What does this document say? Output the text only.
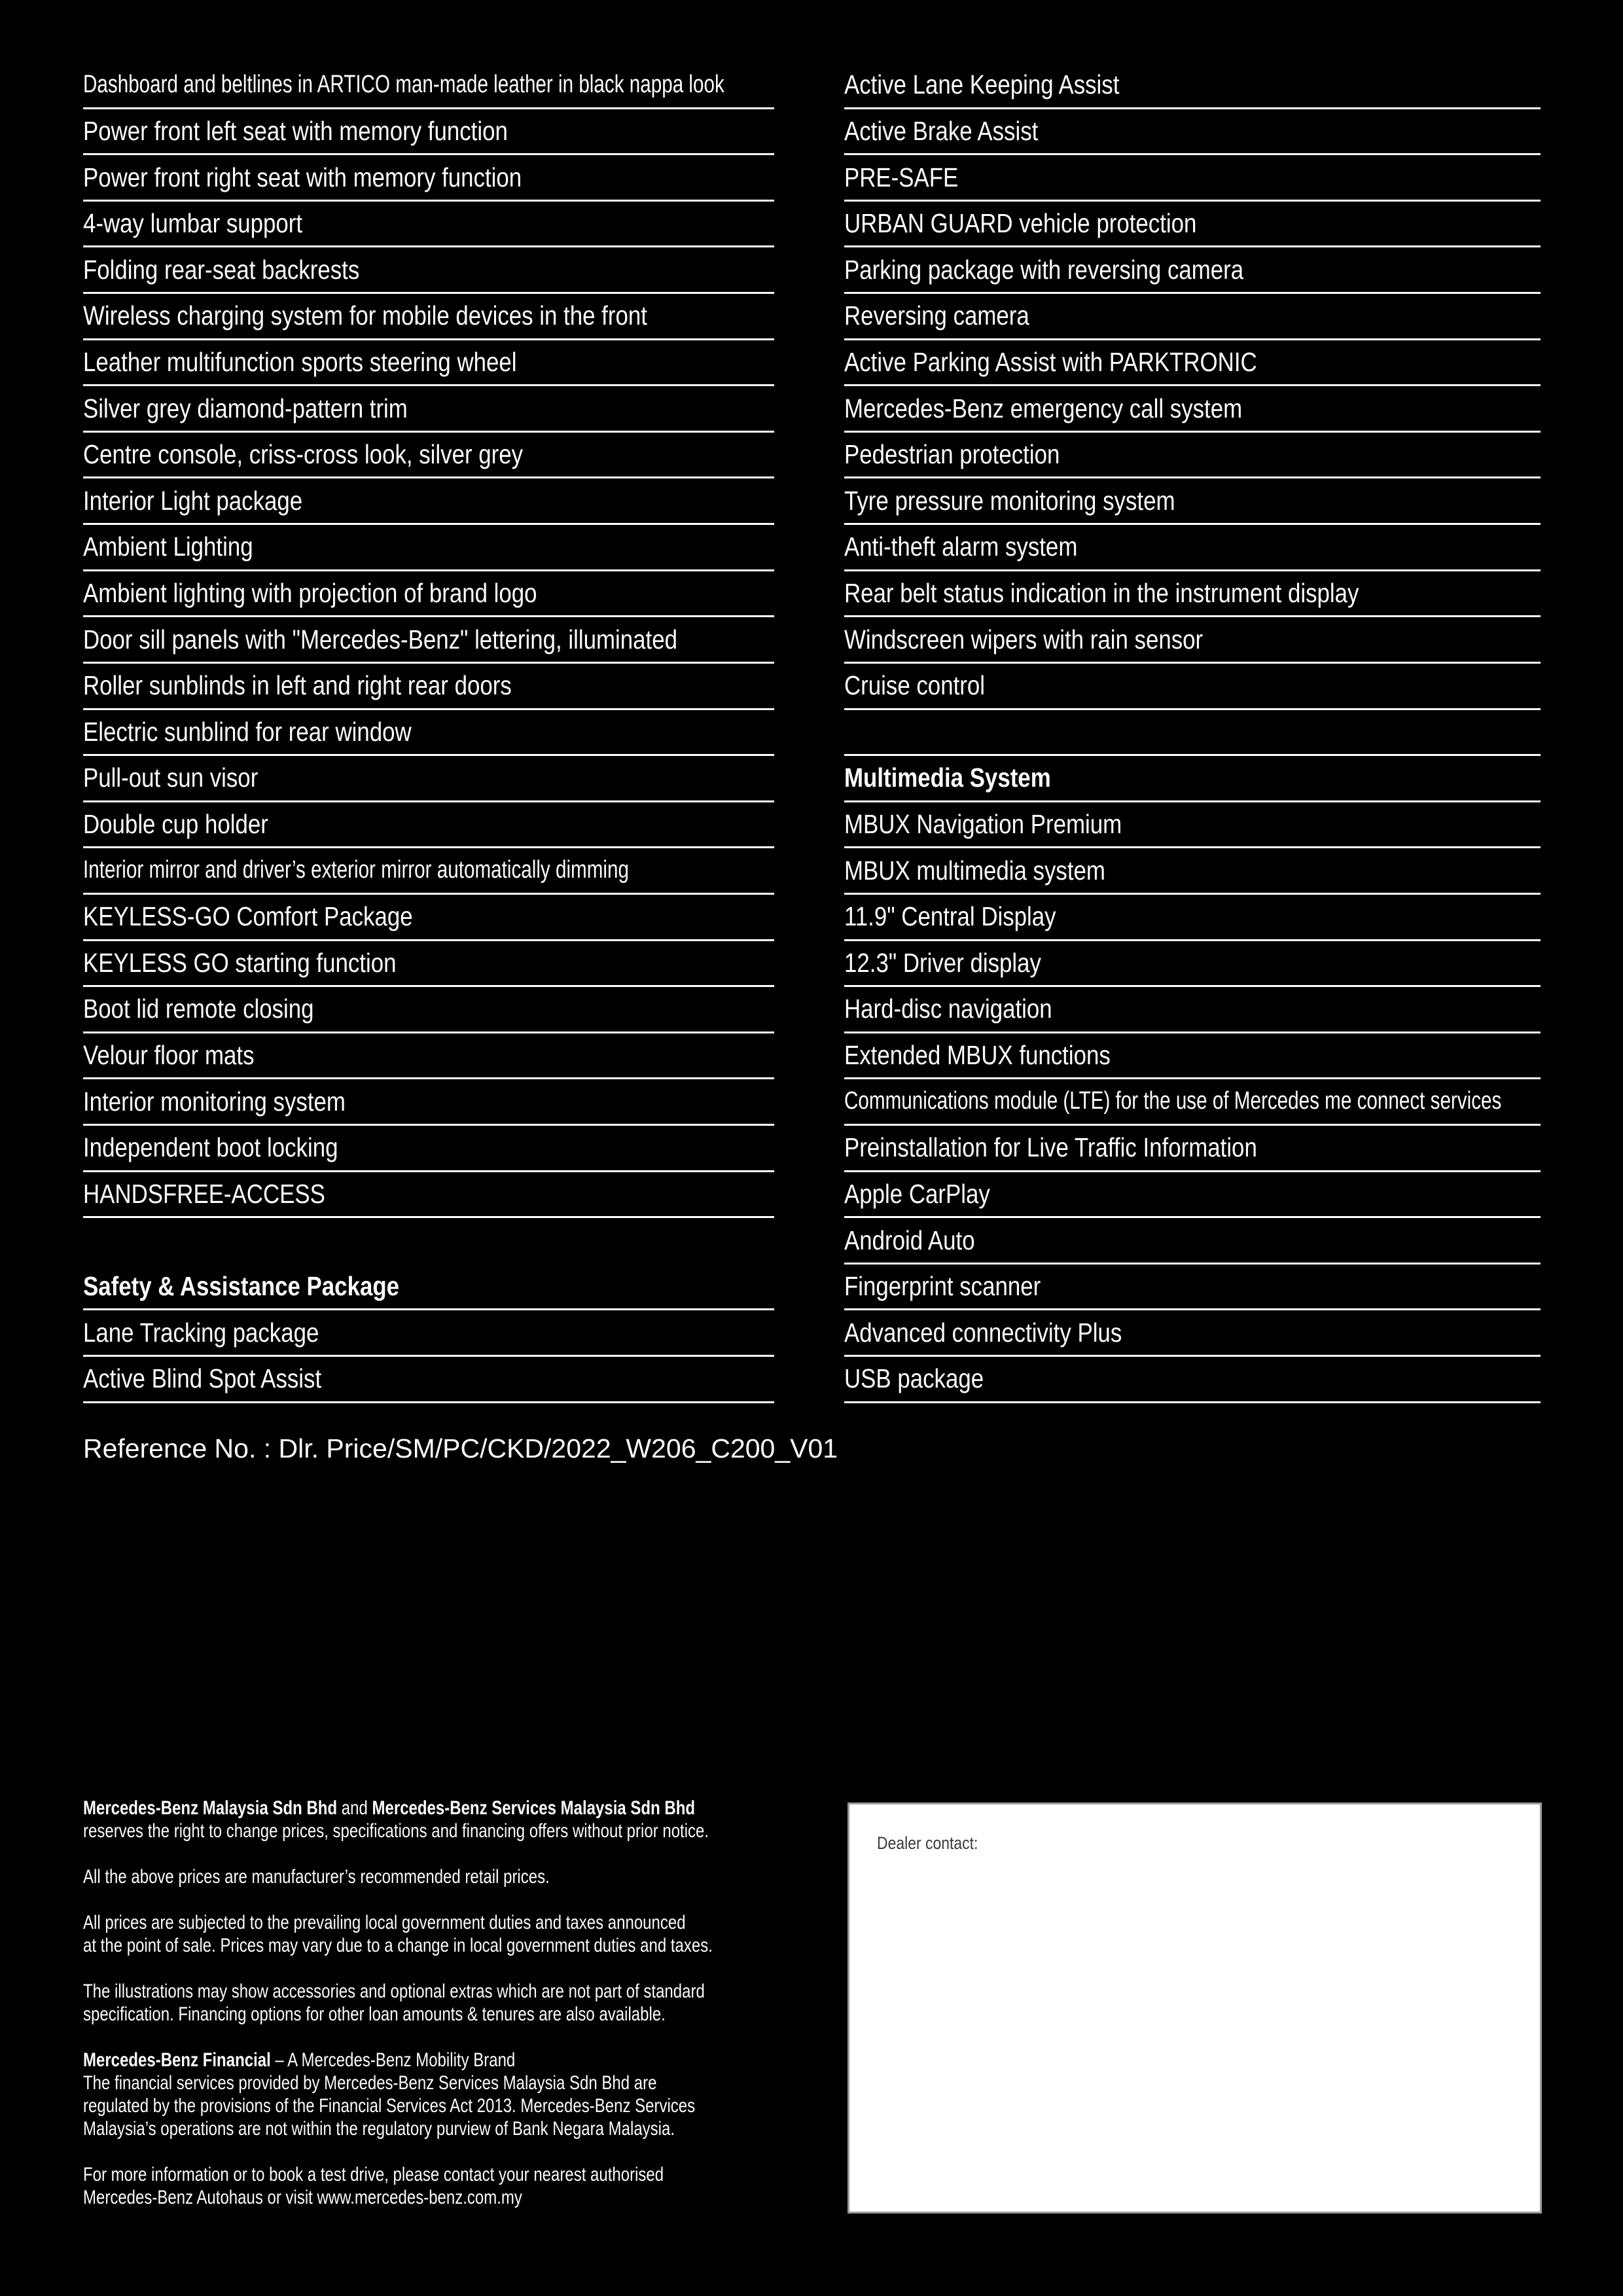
Dashboard and beltlines in ARTICO man-made leather in black nappa look
Power front left seat with memory function
Power front right seat with memory function
4-way lumbar support
Folding rear-seat backrests
Wireless charging system for mobile devices in the front
Leather multifunction sports steering wheel
Silver grey diamond-pattern trim
Centre console, criss-cross look, silver grey
Interior Light package
Ambient Lighting
Ambient lighting with projection of brand logo
Door sill panels with "Mercedes-Benz" lettering, illuminated
Roller sunblinds in left and right rear doors
Electric sunblind for rear window
Pull-out sun visor
Double cup holder
Interior mirror and driver’s exterior mirror automatically dimming
KEYLESS-GO Comfort Package
KEYLESS GO starting function
Boot lid remote closing
Velour floor mats
Interior monitoring system
Independent boot locking
HANDSFREE-ACCESS
Safety & Assistance Package
Lane Tracking package
Active Blind Spot Assist
Reference No. : Dlr. Price/SM/PC/CKD/2022_W206_C200_V01
Active Lane Keeping Assist
Active Brake Assist
PRE-SAFE
URBAN GUARD vehicle protection
Parking package with reversing camera
Reversing camera
Active Parking Assist with PARKTRONIC
Mercedes-Benz emergency call system
Pedestrian protection
Tyre pressure monitoring system
Anti-theft alarm system
Rear belt status indication in the instrument display
Windscreen wipers with rain sensor
Cruise control
Multimedia System
MBUX Navigation Premium
MBUX multimedia system
11.9" Central Display
12.3" Driver display
Hard-disc navigation
Extended MBUX functions
Communications module (LTE) for the use of Mercedes me connect services
Preinstallation for Live Traffic Information
Apple CarPlay
Android Auto
Fingerprint scanner
Advanced connectivity Plus
USB package
Mercedes-Benz Malaysia Sdn Bhd and Mercedes-Benz Services Malaysia Sdn Bhd
reserves the right to change prices, specifications and financing offers without prior notice.
All the above prices are manufacturer’s recommended retail prices.
All prices are subjected to the prevailing local government duties and taxes announced
at the point of sale. Prices may vary due to a change in local government duties and taxes.
The illustrations may show accessories and optional extras which are not part of standard
specification. Financing options for other loan amounts & tenures are also available.
Mercedes-Benz Financial – A Mercedes-Benz Mobility Brand
The financial services provided by Mercedes-Benz Services Malaysia Sdn Bhd are
regulated by the provisions of the Financial Services Act 2013. Mercedes-Benz Services
Malaysia’s operations are not within the regulatory purview of Bank Negara Malaysia.
For more information or to book a test drive, please contact your nearest authorised
Mercedes-Benz Autohaus or visit www.mercedes-benz.com.my
Dealer contact:
